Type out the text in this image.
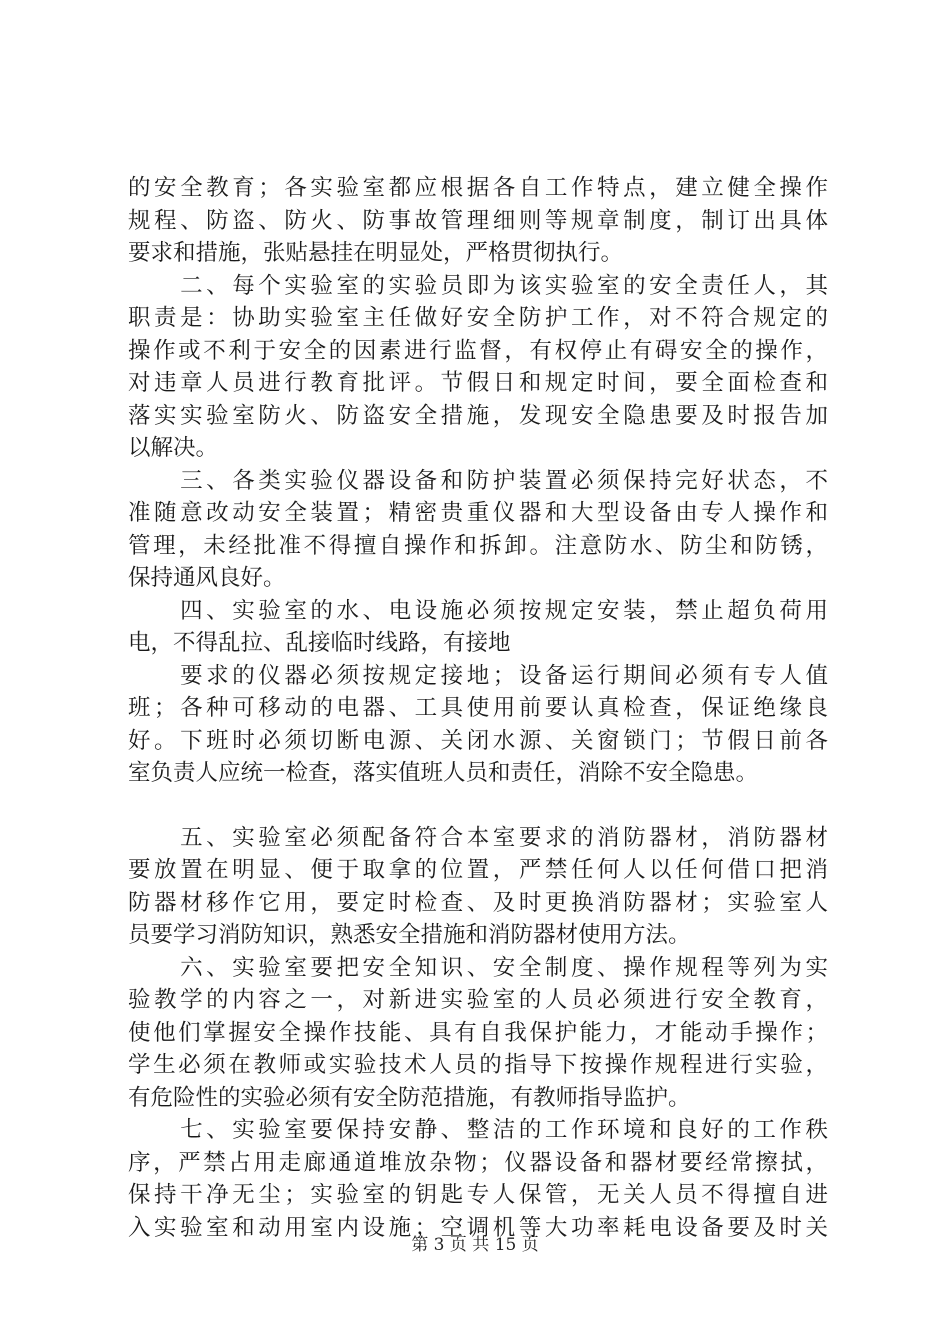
的安全教育；各实验室都应根据各自工作特点，建立健全操作
规程、防盗、防火、防事故管理细则等规章制度，制订出具体
要求和措施，张贴悬挂在明显处，严格贯彻执行。
　　二、每个实验室的实验员即为该实验室的安全责任人，其
职责是：协助实验室主任做好安全防护工作，对不符合规定的
操作或不利于安全的因素进行监督，有权停止有碍安全的操作，
对违章人员进行教育批评。节假日和规定时间，要全面检查和
落实实验室防火、防盗安全措施，发现安全隐患要及时报告加
以解决。
　　三、各类实验仪器设备和防护装置必须保持完好状态，不
准随意改动安全装置；精密贵重仪器和大型设备由专人操作和
管理，未经批准不得擅自操作和拆卸。注意防水、防尘和防锈，
保持通风良好。
　　四、实验室的水、电设施必须按规定安装，禁止超负荷用
电，不得乱拉、乱接临时线路，有接地
　　要求的仪器必须按规定接地；设备运行期间必须有专人值
班；各种可移动的电器、工具使用前要认真检查，保证绝缘良
好。下班时必须切断电源、关闭水源、关窗锁门；节假日前各
室负责人应统一检查，落实值班人员和责任，消除不安全隐患。
　　五、实验室必须配备符合本室要求的消防器材，消防器材
要放置在明显、便于取拿的位置，严禁任何人以任何借口把消
防器材移作它用，要定时检查、及时更换消防器材；实验室人
员要学习消防知识，熟悉安全措施和消防器材使用方法。
　　六、实验室要把安全知识、安全制度、操作规程等列为实
验教学的内容之一，对新进实验室的人员必须进行安全教育，
使他们掌握安全操作技能、具有自我保护能力，才能动手操作；
学生必须在教师或实验技术人员的指导下按操作规程进行实验，
有危险性的实验必须有安全防范措施，有教师指导监护。
　　七、实验室要保持安静、整洁的工作环境和良好的工作秩
序，严禁占用走廊通道堆放杂物；仪器设备和器材要经常擦拭，
保持干净无尘；实验室的钥匙专人保管，无关人员不得擅自进
入实验室和动用室内设施；空调机等大功率耗电设备要及时关
第 3 页 共 15 页
